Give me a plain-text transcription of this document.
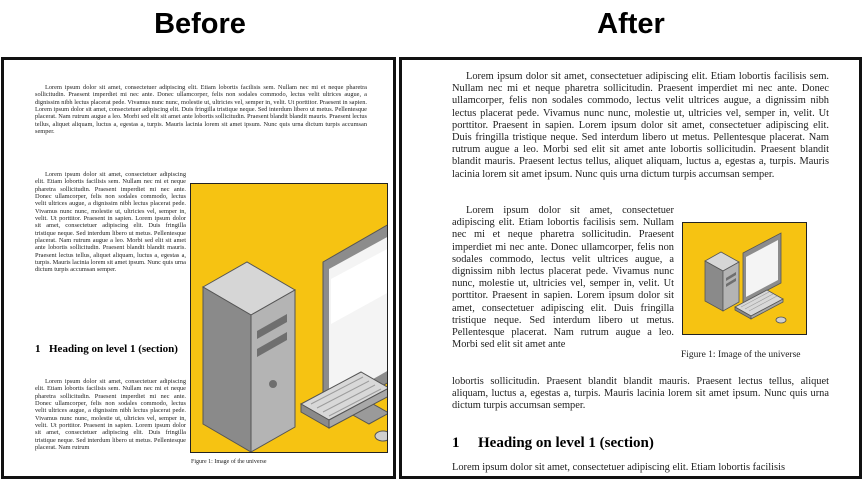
Before	After

Lorem ipsum dolor sit amet, consectetuer adipiscing elit. Etiam lobortis facilisis sem. Nullam nec mi et neque pharetra sollicitudin. Praesent imperdiet mi nec ante. Donec ullamcorper, felis non sodales commodo, lectus velit ultrices augue, a dignissim nibh lectus placerat pede. Vivamus nunc nunc, molestie ut, ultricies vel, semper in, velit. Ut porttitor. Praesent in sapien. Lorem ipsum dolor sit amet, consectetuer adipiscing elit. Duis fringilla tristique neque. Sed interdum libero ut metus. Pellentesque placerat. Nam rutrum augue a leo. Morbi sed elit sit amet ante lobortis sollicitudin. Praesent blandit blandit mauris. Praesent lectus tellus, aliquet aliquam, luctus a, egestas a, turpis. Mauris lacinia lorem sit amet ipsum. Nunc quis urna dictum turpis accumsan semper.

Lorem ipsum dolor sit amet, consectetuer adipiscing elit. Etiam lobortis facilisis sem. Nullam nec mi et neque pharetra sollicitudin. Praesent imperdiet mi nec ante. Donec ullamcorper, felis non sodales commodo, lectus velit ultrices augue, a dignissim nibh lectus placerat pede. Vivamus nunc nunc, molestie ut, ultricies vel, semper in, velit. Ut porttitor. Praesent in sapien. Lorem ipsum dolor sit amet, consectetuer adipiscing elit. Duis fringilla tristique neque. Sed interdum libero ut metus. Pellentesque placerat. Nam rutrum augue a leo. Morbi sed elit sit amet ante lobortis sollicitudin. Praesent blandit blandit mauris. Praesent lectus tellus, aliquet aliquam, luctus a, egestas a, turpis. Mauris lacinia lorem sit amet ipsum. Nunc quis urna dictum turpis accumsan semper.

1 Heading on level 1 (section)

Lorem ipsum dolor sit amet, consectetuer adipiscing elit. Etiam lobortis facilisis sem. Nullam nec mi et neque pharetra sollicitudin. Praesent imperdiet mi nec ante. Donec ullamcorper, felis non sodales commodo, lectus velit ultrices augue, a dignissim nibh lectus placerat pede. Vivamus nunc nunc, molestie ut, ultricies vel, semper in, velit. Ut porttitor. Praesent in sapien. Lorem ipsum dolor sit amet, consectetuer adipiscing elit. Duis fringilla tristique neque. Sed interdum libero ut metus. Pellentesque placerat. Nam rutrum

Figure 1: Image of the universe

Lorem ipsum dolor sit amet, consectetuer adipiscing elit. Etiam lobortis facilisis sem. Nullam nec mi et neque pharetra sollicitudin. Praesent imperdiet mi nec ante. Donec ullamcorper, felis non sodales commodo, lectus velit ultrices augue, a dignissim nibh lectus placerat pede. Vivamus nunc nunc, molestie ut, ultricies vel, semper in, velit. Ut porttitor. Praesent in sapien. Lorem ipsum dolor sit amet, consectetuer adipiscing elit. Duis fringilla tristique neque. Sed interdum libero ut metus. Pellentesque placerat. Nam rutrum augue a leo. Morbi sed elit sit amet ante lobortis sollicitudin. Praesent blandit blandit mauris. Praesent lectus tellus, aliquet aliquam, luctus a, egestas a, turpis. Mauris lacinia lorem sit amet ipsum. Nunc quis urna dictum turpis accumsan semper.

Lorem ipsum dolor sit amet, consectetuer adipiscing elit. Etiam lobortis facilisis sem. Nullam nec mi et neque pharetra sollicitudin. Praesent imperdiet mi nec ante. Donec ullamcorper, felis non sodales commodo, lectus velit ultrices augue, a dignissim nibh lectus placerat pede. Vivamus nunc nunc, molestie ut, ultricies vel, semper in, velit. Ut porttitor. Praesent in sapien. Lorem ipsum dolor sit amet, consectetuer adipiscing elit. Duis fringilla tristique neque. Sed interdum libero ut metus. Pellentesque placerat. Nam rutrum augue a leo. Morbi sed elit sit amet ante

Figure 1: Image of the universe

lobortis sollicitudin. Praesent blandit blandit mauris. Praesent lectus tellus, aliquet aliquam, luctus a, egestas a, turpis. Mauris lacinia lorem sit amet ipsum. Nunc quis urna dictum turpis accumsan semper.

1 Heading on level 1 (section)
Lorem ipsum dolor sit amet, consectetuer adipiscing elit. Etiam lobortis facilisis
